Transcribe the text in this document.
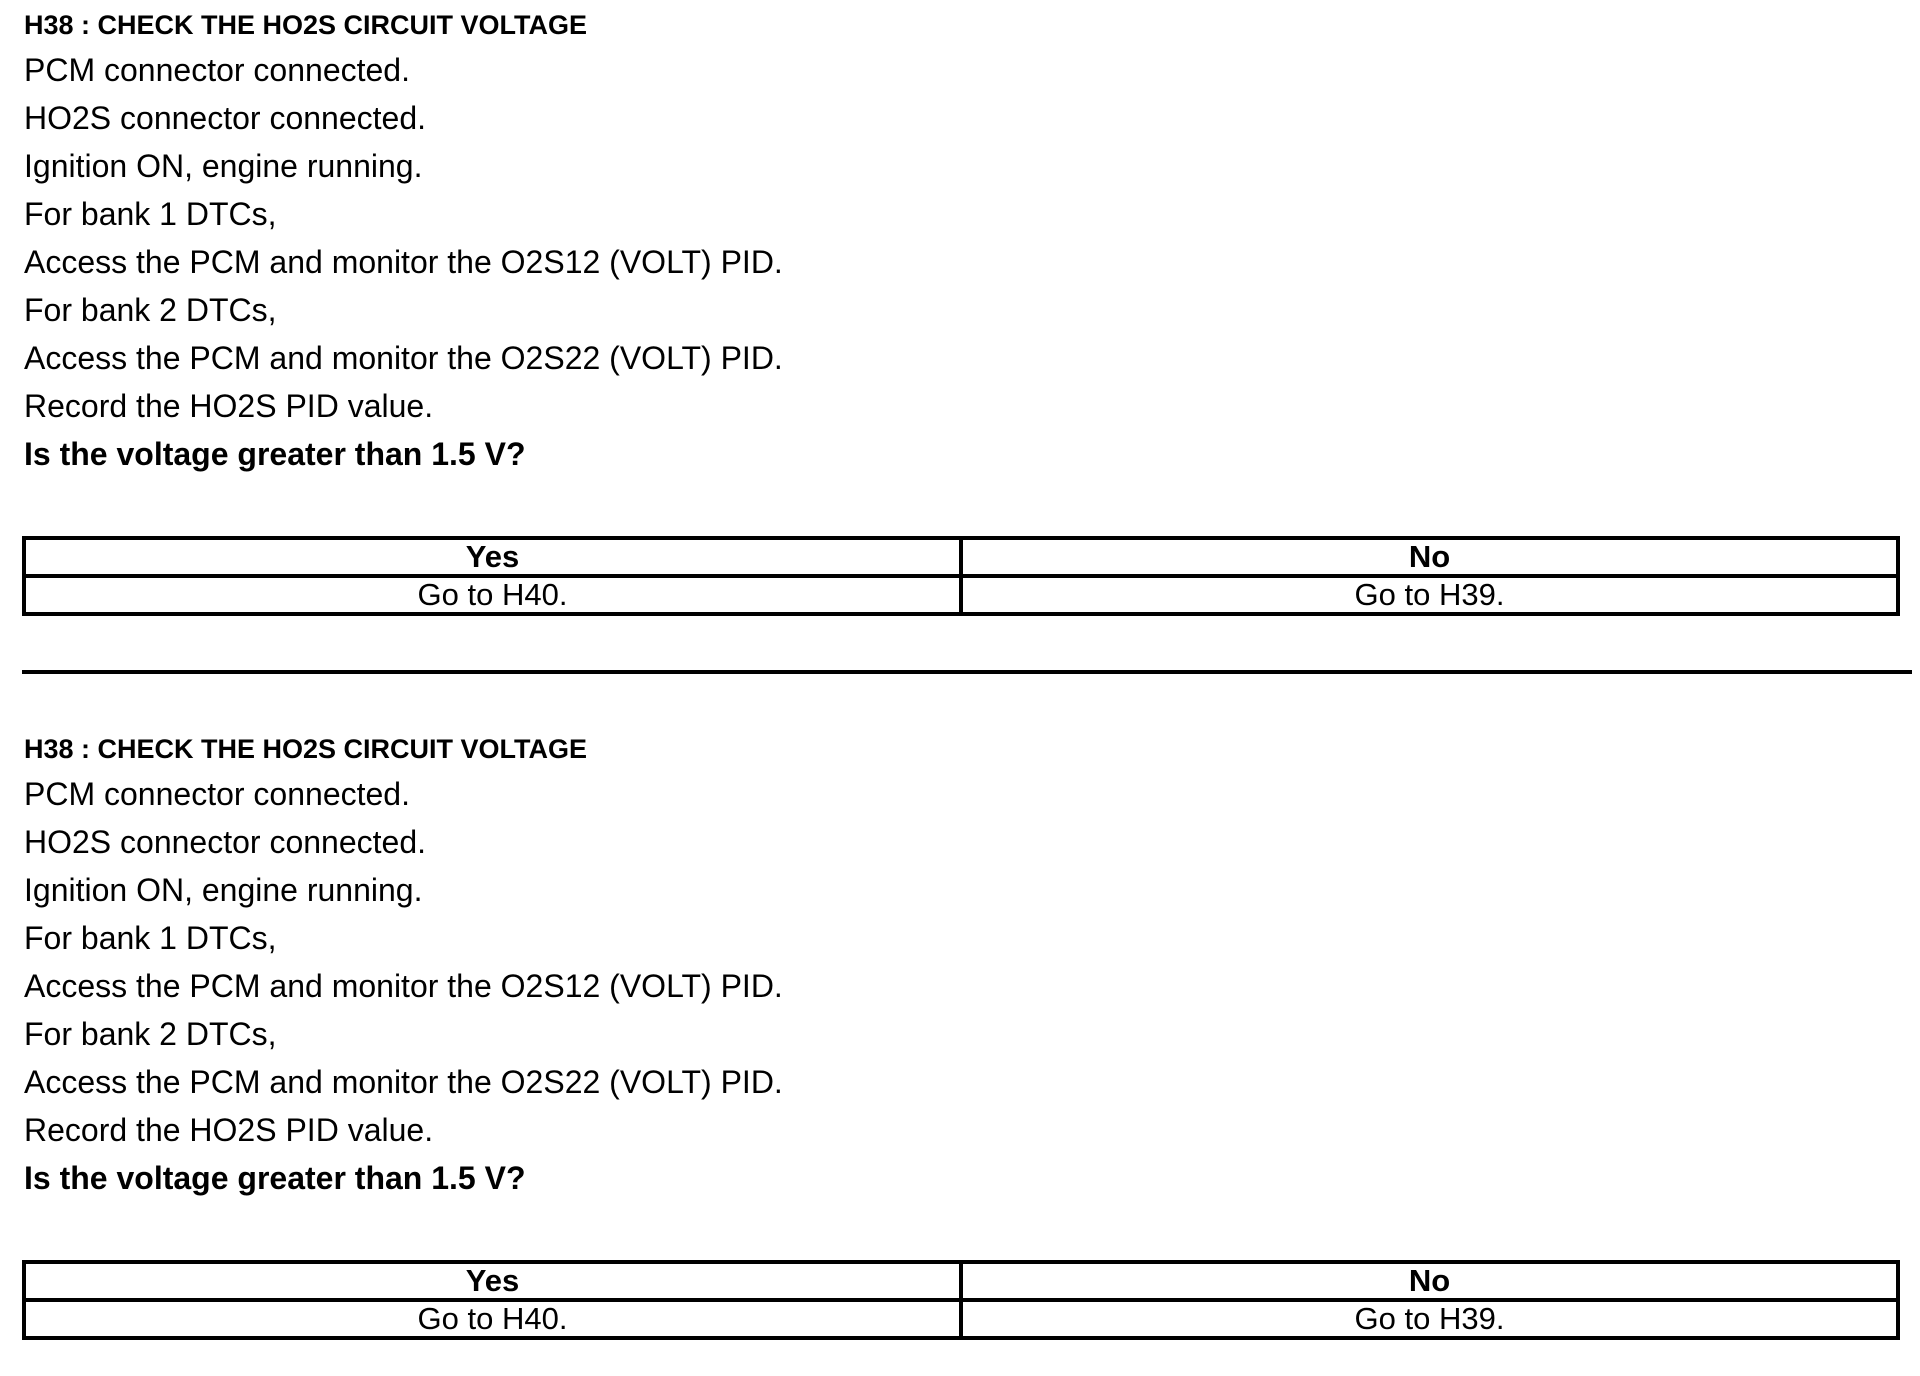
H38 : CHECK THE HO2S CIRCUIT VOLTAGE
PCM connector connected.
HO2S connector connected.
Ignition ON, engine running.
For bank 1 DTCs,
Access the PCM and monitor the O2S12 (VOLT) PID.
For bank 2 DTCs,
Access the PCM and monitor the O2S22 (VOLT) PID.
Record the HO2S PID value.
Is the voltage greater than 1.5 V?
Yes	No
Go to H40.	Go to H39.
H38 : CHECK THE HO2S CIRCUIT VOLTAGE
PCM connector connected.
HO2S connector connected.
Ignition ON, engine running.
For bank 1 DTCs,
Access the PCM and monitor the O2S12 (VOLT) PID.
For bank 2 DTCs,
Access the PCM and monitor the O2S22 (VOLT) PID.
Record the HO2S PID value.
Is the voltage greater than 1.5 V?
Yes	No
Go to H40.	Go to H39.
